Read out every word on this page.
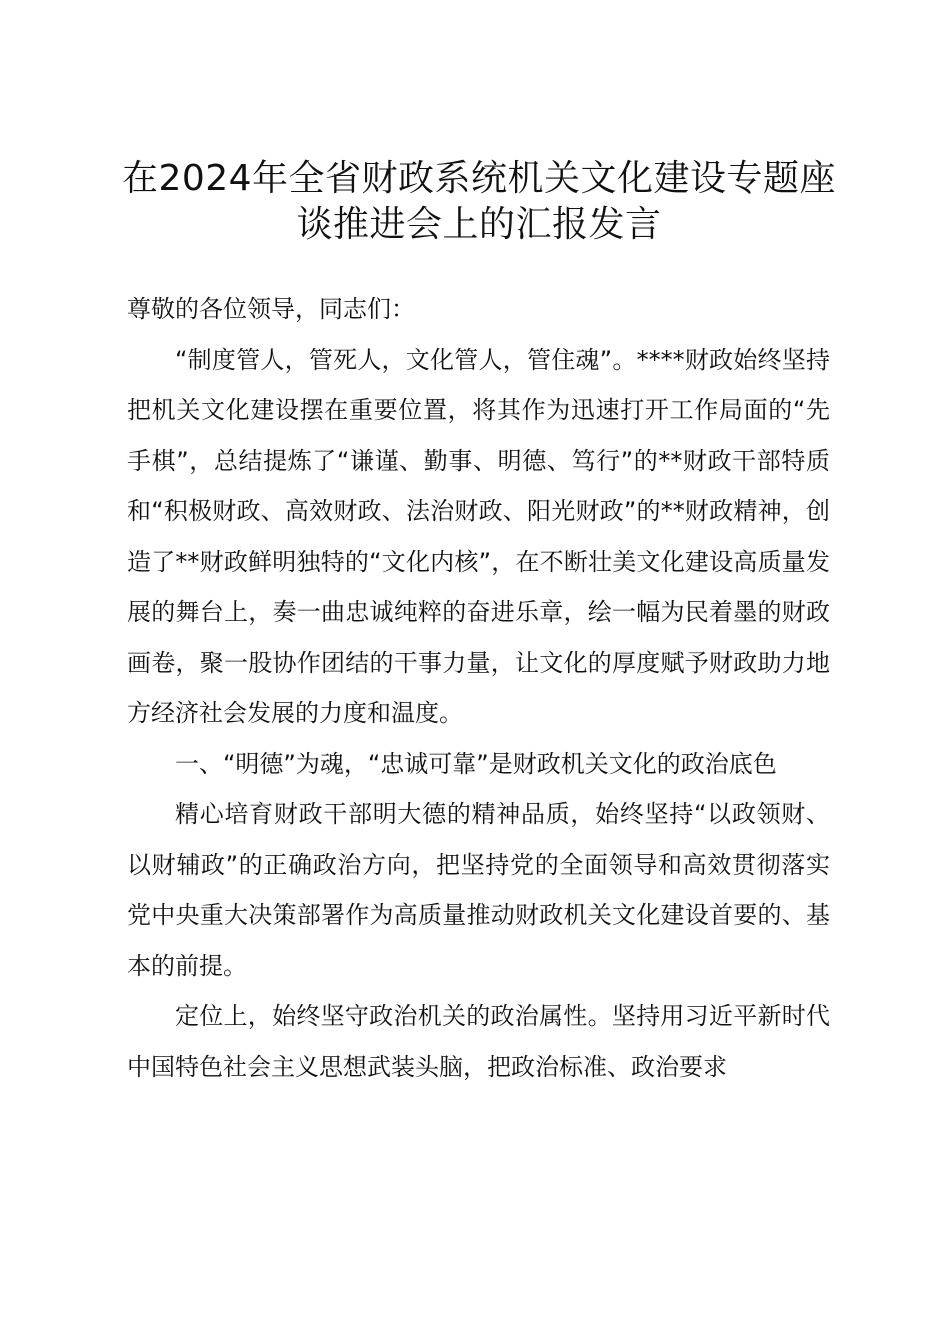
在2024年全省财政系统机关文化建设专题座
谈推进会上的汇报发言

尊敬的各位领导，同志们：

“制度管人，管死人，文化管人，管住魂”。****财政始终坚持把机关文化建设摆在重要位置，将其作为迅速打开工作局面的“先手棋”，总结提炼了“谦谨、勤事、明德、笃行”的**财政干部特质和“积极财政、高效财政、法治财政、阳光财政”的**财政精神，创造了**财政鲜明独特的“文化内核”，在不断壮美文化建设高质量发展的舞台上，奏一曲忠诚纯粹的奋进乐章，绘一幅为民着墨的财政画卷，聚一股协作团结的干事力量，让文化的厚度赋予财政助力地方经济社会发展的力度和温度。

一、“明德”为魂，“忠诚可靠”是财政机关文化的政治底色

精心培育财政干部明大德的精神品质，始终坚持“以政领财、以财辅政”的正确政治方向，把坚持党的全面领导和高效贯彻落实党中央重大决策部署作为高质量推动财政机关文化建设首要的、基本的前提。

定位上，始终坚守政治机关的政治属性。坚持用习近平新时代中国特色社会主义思想武装头脑，把政治标准、政治要求
